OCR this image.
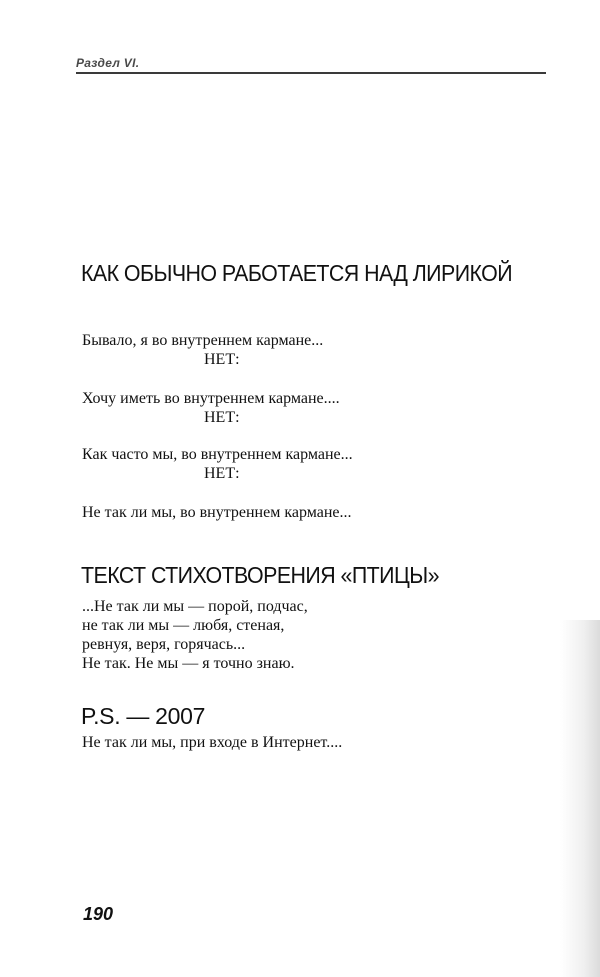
Раздел VI.
КАК ОБЫЧНО РАБОТАЕТСЯ НАД ЛИРИКОЙ
Бывало, я во внутреннем кармане...
НЕТ:
Хочу иметь во внутреннем кармане....
НЕТ:
Как часто мы, во внутреннем кармане...
НЕТ:
Не так ли мы, во внутреннем кармане...
ТЕКСТ СТИХОТВОРЕНИЯ «ПТИЦЫ»
...Не так ли мы — порой, подчас,
не так ли мы — любя, стеная,
ревнуя, веря, горячась...
Не так. Не мы — я точно знаю.
P.S. — 2007
Не так ли мы, при входе в Интернет....
190
